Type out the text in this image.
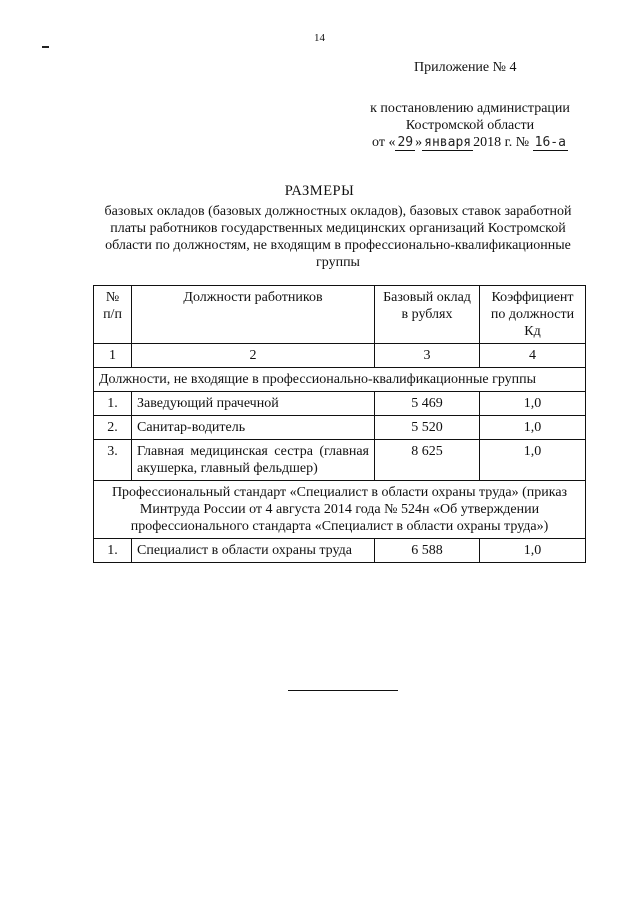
14
Приложение № 4
к постановлению администрации
Костромской области
от « 29 » января 2018 г. № 16-а
РАЗМЕРЫ
базовых окладов (базовых должностных окладов), базовых ставок заработной платы работников государственных медицинских организаций Костромской области по должностям, не входящим в профессионально-квалификационные группы
№ п/п	Должности работников	Базовый оклад в рублях	Коэффициент по должности Кд
1	2	3	4
Должности, не входящие в профессионально-квалификационные группы			
1.	Заведующий прачечной	5 469	1,0
2.	Санитар-водитель	5 520	1,0
3.	Главная медицинская сестра (главная акушерка, главный фельдшер)	8 625	1,0
Профессиональный стандарт «Специалист в области охраны труда» (приказ Минтруда России от 4 августа 2014 года № 524н «Об утверждении профессионального стандарта «Специалист в области охраны труда»)			
1.	Специалист в области охраны труда	6 588	1,0
